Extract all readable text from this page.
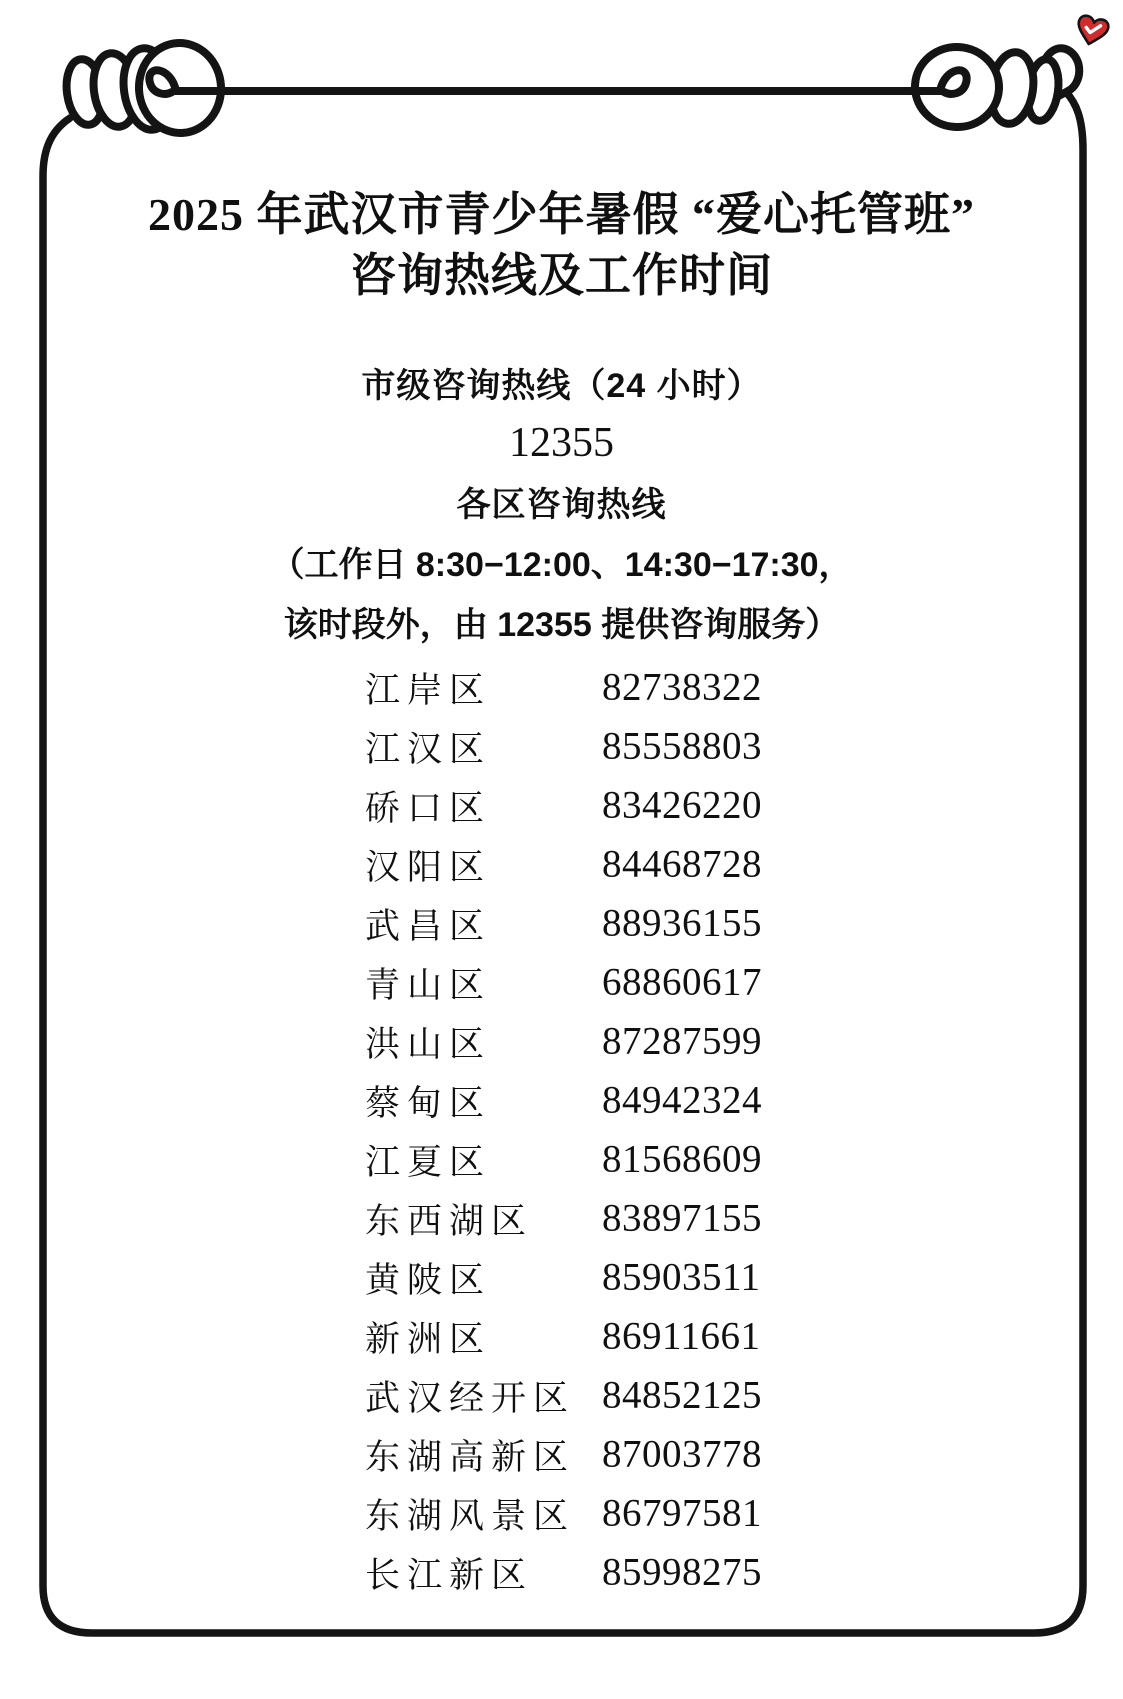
2025 年武汉市青少年暑假 “爱心托管班”
咨询热线及工作时间
市级咨询热线（24 小时）
12355
各区咨询热线
（工作日 8:30−12:00、14:30−17:30，
该时段外，由 12355 提供咨询服务）
江岸区	82738322
江汉区	85558803
硚口区	83426220
汉阳区	84468728
武昌区	88936155
青山区	68860617
洪山区	87287599
蔡甸区	84942324
江夏区	81568609
东西湖区 83897155
黄陂区	85903511
新洲区	86911661
武汉经开区 84852125
东湖高新区 87003778
东湖风景区 86797581
长江新区 85998275
